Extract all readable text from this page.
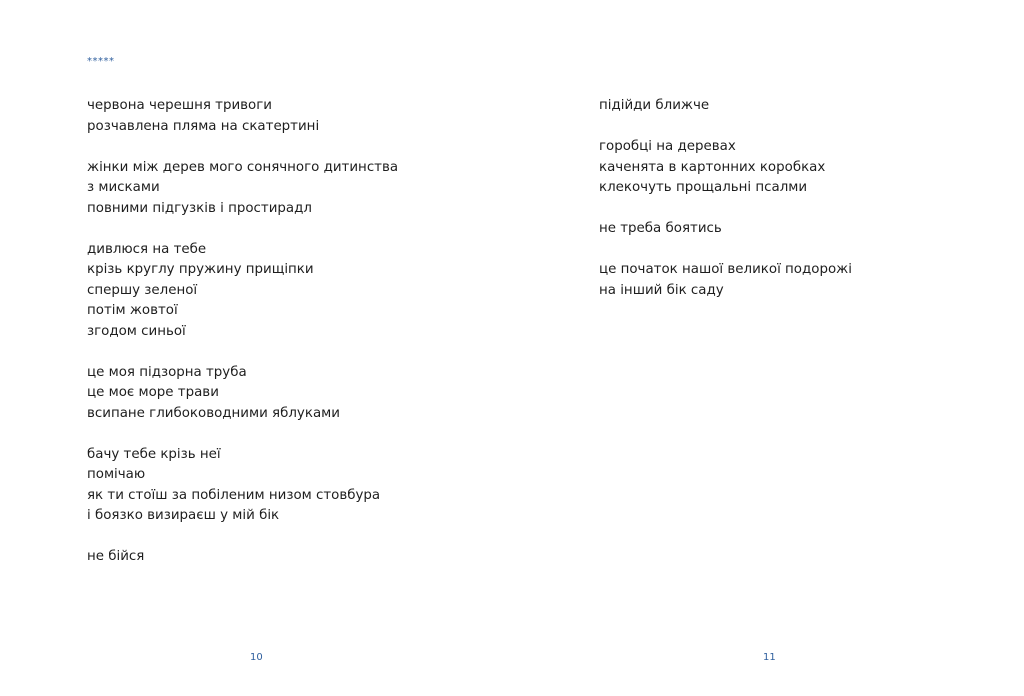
*****
червона черешня тривоги
розчавлена пляма на скатертині
жінки між дерев мого сонячного дитинства
з мисками
повними підгузків і простирадл
дивлюся на тебе
крізь круглу пружину прищіпки
спершу зеленої
потім жовтої
згодом синьої
це моя підзорна труба
це моє море трави
всипане глибоководними яблуками
бачу тебе крізь неї
помічаю
як ти стоїш за побіленим низом стовбура
і боязко визираєш у мій бік
не бійся
10
підійди ближче
горобці на деревах
каченята в картонних коробках
клекочуть прощальні псалми
не треба боятись
це початок нашої великої подорожі
на інший бік саду
11
